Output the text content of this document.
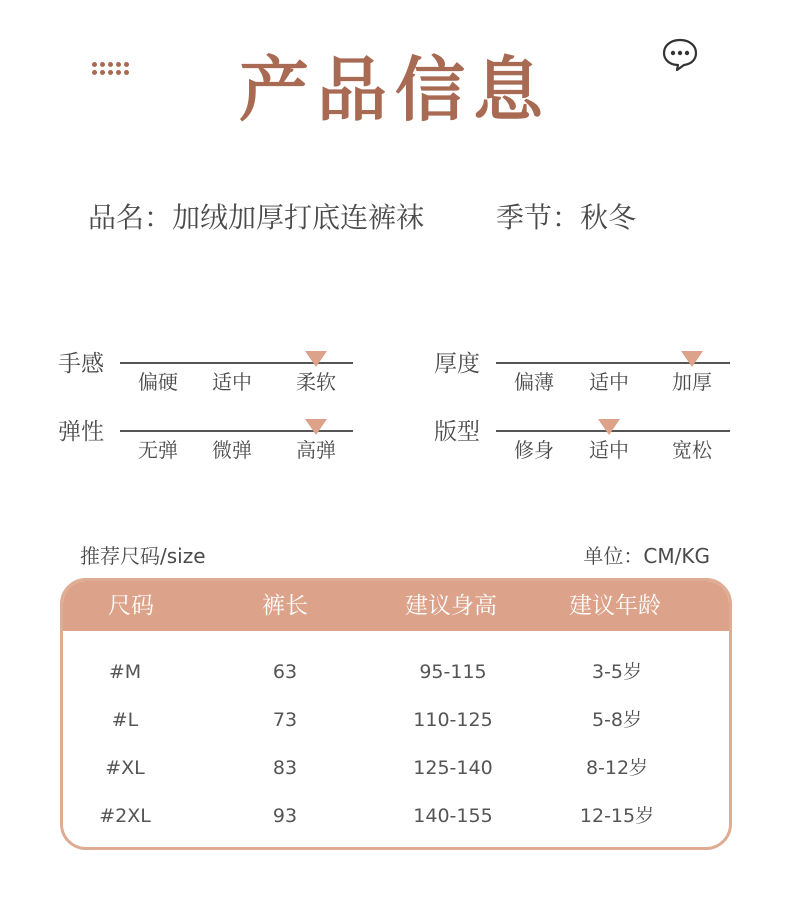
产品信息
品名：加绒加厚打底连裤袜	季节：秋冬
手感
偏硬	适中	柔软
厚度
偏薄	适中	加厚
弹性
无弹	微弹	高弹
版型
修身	适中	宽松
推荐尺码/size	单位：CM/KG
尺码	裤长	建议身高	建议年龄
#M	63	95-115	3-5岁
#L	73	110-125	5-8岁
#XL	83	125-140	8-12岁
#2XL	93	140-155	12-15岁
